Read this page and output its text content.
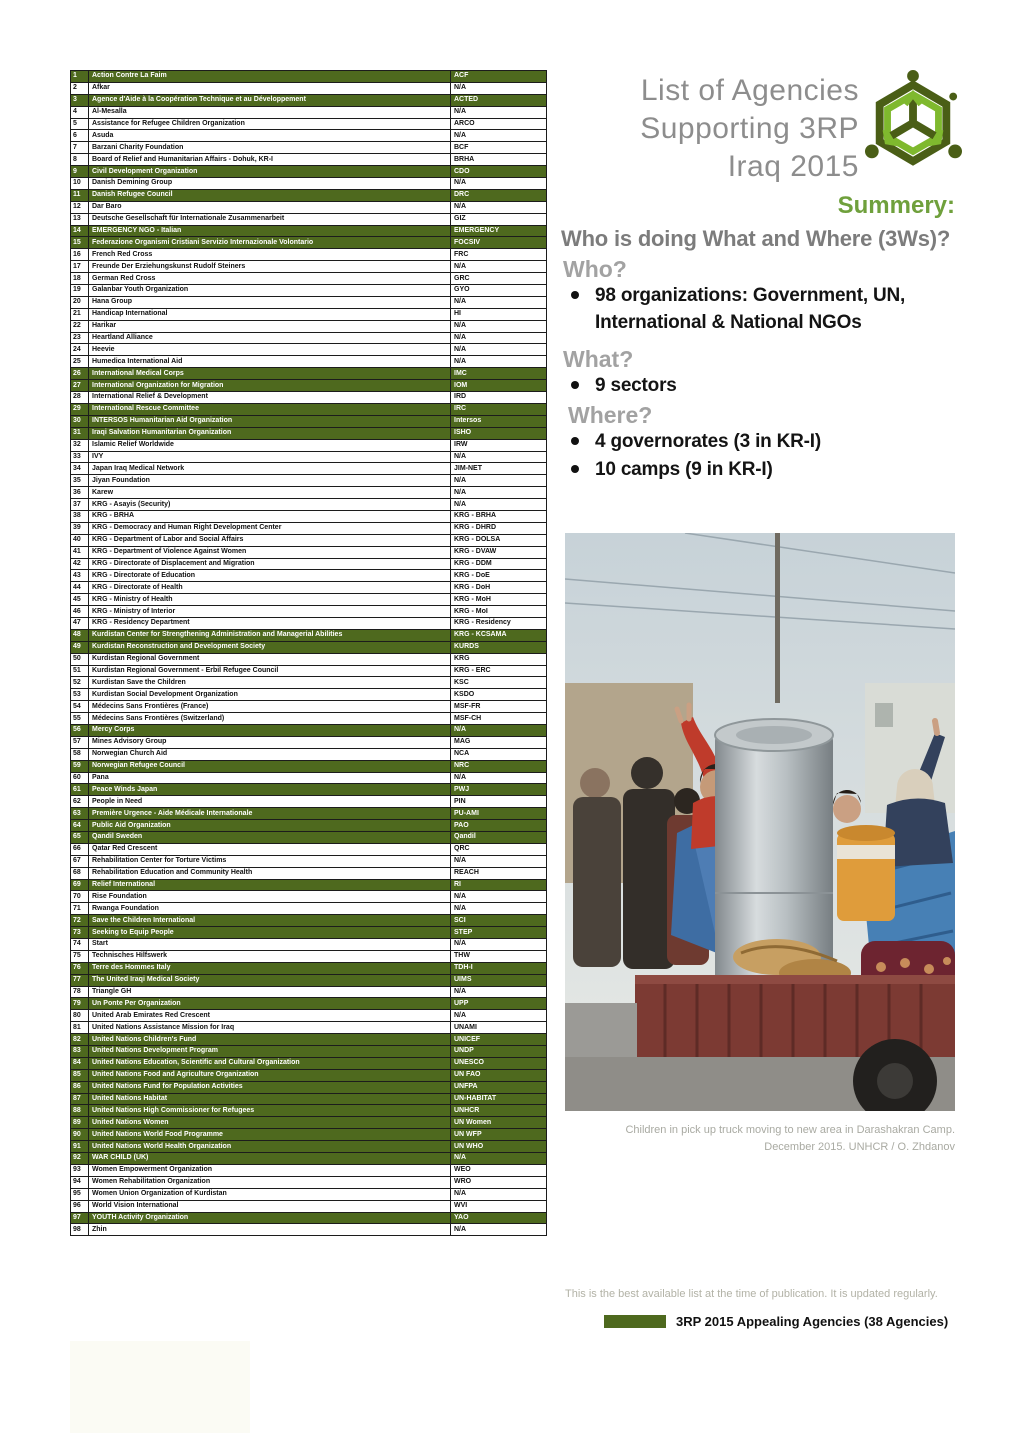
1	Action Contre La Faim	ACF
2	Afkar	N/A
3	Agence d'Aide à la Coopération Technique et au Développement	ACTED
4	Al-Mesalla	N/A
5	Assistance for Refugee Children Organization	ARCO
6	Asuda	N/A
7	Barzani Charity Foundation	BCF
8	Board of Relief and Humanitarian Affairs - Dohuk, KR-I	BRHA
9	Civil Development Organization	CDO
10	Danish Demining Group	N/A
11	Danish Refugee Council	DRC
12	Dar Baro	N/A
13	Deutsche Gesellschaft für Internationale Zusammenarbeit	GIZ
14	EMERGENCY NGO - Italian	EMERGENCY
15	Federazione Organismi Cristiani Servizio Internazionale Volontario	FOCSIV
16	French Red Cross	FRC
17	Freunde Der Erziehungskunst Rudolf Steiners	N/A
18	German Red Cross	GRC
19	Galanbar Youth Organization	GYO
20	Hana Group	N/A
21	Handicap International	HI
22	Harikar	N/A
23	Heartland Alliance	N/A
24	Heevie	N/A
25	Humedica International Aid	N/A
26	International Medical Corps	IMC
27	International Organization for Migration	IOM
28	International Relief & Development	IRD
29	International Rescue Committee	IRC
30	INTERSOS Humanitarian Aid Organization	Intersos
31	Iraqi Salvation Humanitarian Organization	ISHO
32	Islamic Relief Worldwide	IRW
33	IVY	N/A
34	Japan Iraq Medical Network	JIM-NET
35	Jiyan Foundation	N/A
36	Karew	N/A
37	KRG - Asayis (Security)	N/A
38	KRG - BRHA	KRG - BRHA
39	KRG - Democracy and Human Right Development Center	KRG - DHRD
40	KRG - Department of Labor and Social Affairs	KRG - DOLSA
41	KRG - Department of Violence Against Women	KRG - DVAW
42	KRG - Directorate of Displacement and Migration	KRG - DDM
43	KRG - Directorate of Education	KRG - DoE
44	KRG - Directorate of Health	KRG - DoH
45	KRG - Ministry of Health	KRG - MoH
46	KRG - Ministry of Interior	KRG - MoI
47	KRG - Residency Department	KRG - Residency
48	Kurdistan Center for Strengthening Administration and Managerial Abilities	KRG - KCSAMA
49	Kurdistan Reconstruction and Development Society	KURDS
50	Kurdistan Regional Government	KRG
51	Kurdistan Regional Government - Erbil Refugee Council	KRG - ERC
52	Kurdistan Save the Children	KSC
53	Kurdistan Social Development Organization	KSDO
54	Médecins Sans Frontières (France)	MSF-FR
55	Médecins Sans Frontières (Switzerland)	MSF-CH
56	Mercy Corps	N/A
57	Mines Advisory Group	MAG
58	Norwegian Church Aid	NCA
59	Norwegian Refugee Council	NRC
60	Pana	N/A
61	Peace Winds Japan	PWJ
62	People in Need	PIN
63	Première Urgence - Aide Médicale Internationale	PU-AMI
64	Public Aid Organization	PAO
65	Qandil Sweden	Qandil
66	Qatar Red Crescent	QRC
67	Rehabilitation Center for Torture Victims	N/A
68	Rehabilitation Education and Community Health	REACH
69	Relief International	RI
70	Rise Foundation	N/A
71	Rwanga Foundation	N/A
72	Save the Children International	SCI
73	Seeking to Equip People	STEP
74	Start	N/A
75	Technisches Hilfswerk	THW
76	Terre des Hommes Italy	TDH-I
77	The United Iraqi Medical Society	UIMS
78	Triangle GH	N/A
79	Un Ponte Per Organization	UPP
80	United Arab Emirates Red Crescent	N/A
81	United Nations Assistance Mission for Iraq	UNAMI
82	United Nations Children's Fund	UNICEF
83	United Nations Development Program	UNDP
84	United Nations Education, Scientific and Cultural Organization	UNESCO
85	United Nations Food and Agriculture Organization	UN FAO
86	United Nations Fund for Population Activities	UNFPA
87	United Nations Habitat	UN-HABITAT
88	United Nations High Commissioner for Refugees	UNHCR
89	United Nations Women	UN Women
90	United Nations World Food Programme	UN WFP
91	United Nations World Health Organization	UN WHO
92	WAR CHILD (UK)	N/A
93	Women Empowerment Organization	WEO
94	Women Rehabilitation Organization	WRO
95	Women Union Organization of Kurdistan	N/A
96	World Vision International	WVI
97	YOUTH Activity Organization	YAO
98	Zhin	N/A
List of Agencies
Supporting 3RP
Iraq 2015
Summery:
Who is doing What and Where (3Ws)?
Who?
98 organizations: Government, UN, International & National NGOs
What?
9 sectors
Where?
4 governorates (3 in KR-I)
10 camps (9 in KR-I)
Children in pick up truck moving to new area in Darashakran Camp.
December 2015. UNHCR / O. Zhdanov
This is the best available list at the time of publication. It is updated regularly.
3RP 2015 Appealing Agencies (38 Agencies)
